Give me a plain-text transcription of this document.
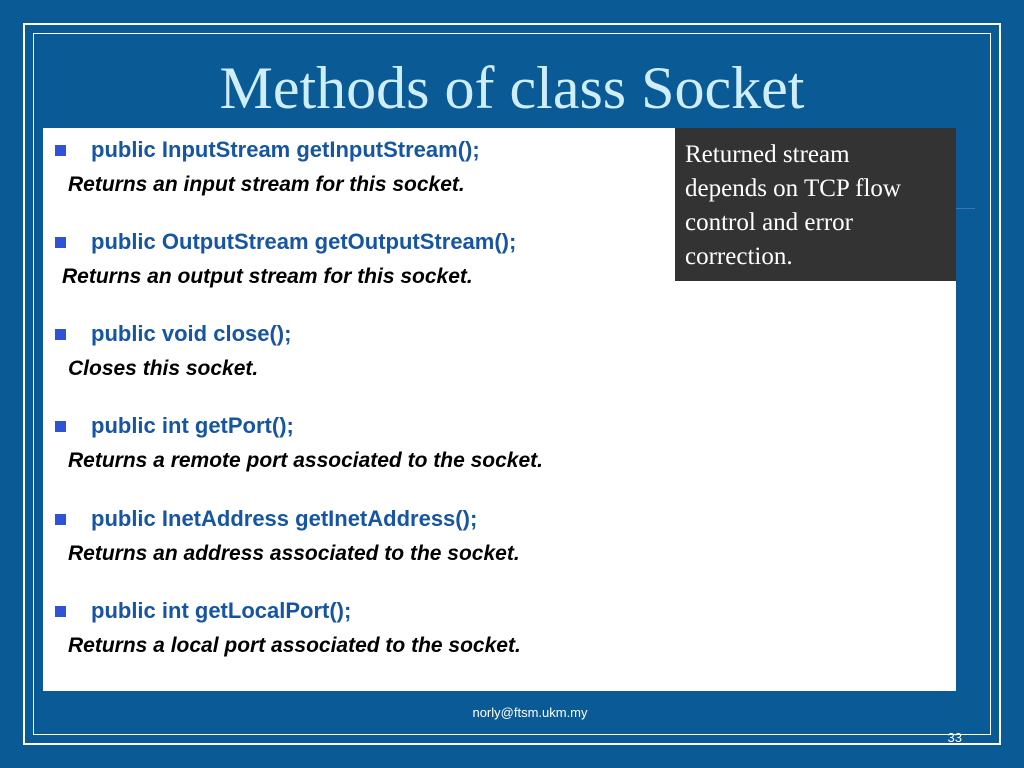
Methods of class Socket
public InputStream getInputStream();
Returns an input stream for this socket.
public OutputStream getOutputStream();
Returns an output stream for this socket.
public void close();
Closes this socket.
public int getPort();
Returns a remote port associated to the socket.
public InetAddress getInetAddress();
Returns an address associated to the socket.
public int getLocalPort();
Returns a local port associated to the socket.
Returned stream
depends on TCP flow
control and error
correction.
norly@ftsm.ukm.my
33
